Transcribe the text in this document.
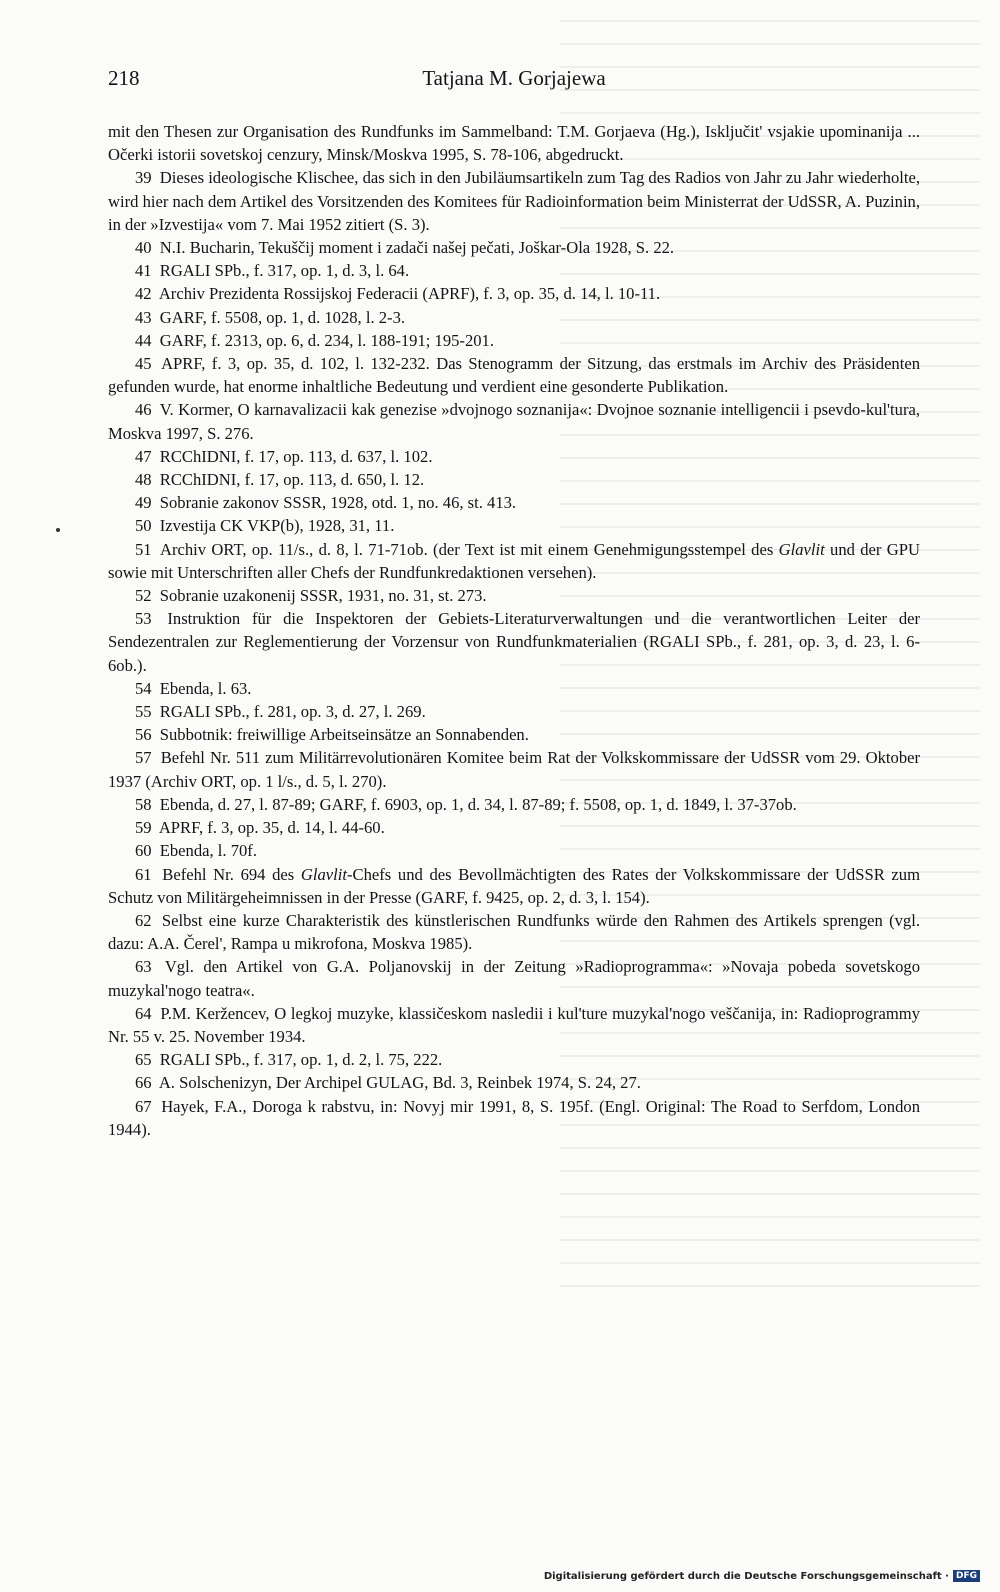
218	Tatjana M. Gorjajewa

mit den Thesen zur Organisation des Rundfunks im Sammelband: T.M. Gorjaeva (Hg.), Isključit' vsjakie upominanija ... Očerki istorii sovetskoj cenzury, Minsk/Moskva 1995, S. 78-106, abgedruckt.

39 Dieses ideologische Klischee, das sich in den Jubiläumsartikeln zum Tag des Radios von Jahr zu Jahr wiederholte, wird hier nach dem Artikel des Vorsitzenden des Komitees für Radioinformation beim Ministerrat der UdSSR, A. Puzinin, in der »Izvestija« vom 7. Mai 1952 zitiert (S. 3).

40 N.I. Bucharin, Tekuščij moment i zadači našej pečati, Joškar-Ola 1928, S. 22.

41 RGALI SPb., f. 317, op. 1, d. 3, l. 64.

42 Archiv Prezidenta Rossijskoj Federacii (APRF), f. 3, op. 35, d. 14, l. 10-11.

43 GARF, f. 5508, op. 1, d. 1028, l. 2-3.

44 GARF, f. 2313, op. 6, d. 234, l. 188-191; 195-201.

45 APRF, f. 3, op. 35, d. 102, l. 132-232. Das Stenogramm der Sitzung, das erstmals im Archiv des Präsidenten gefunden wurde, hat enorme inhaltliche Bedeutung und verdient eine gesonderte Publikation.

46 V. Kormer, O karnavalizacii kak genezise »dvojnogo soznanija«: Dvojnoe soznanie intelligencii i psevdo-kul'tura, Moskva 1997, S. 276.

47 RCChIDNI, f. 17, op. 113, d. 637, l. 102.

48 RCChIDNI, f. 17, op. 113, d. 650, l. 12.

49 Sobranie zakonov SSSR, 1928, otd. 1, no. 46, st. 413.

50 Izvestija CK VKP(b), 1928, 31, 11.

51 Archiv ORT, op. 11/s., d. 8, l. 71-71ob. (der Text ist mit einem Genehmigungsstempel des Glavlit und der GPU sowie mit Unterschriften aller Chefs der Rundfunkredaktionen versehen).

52 Sobranie uzakonenij SSSR, 1931, no. 31, st. 273.

53 Instruktion für die Inspektoren der Gebiets-Literaturverwaltungen und die verantwortlichen Leiter der Sendezentralen zur Reglementierung der Vorzensur von Rundfunkmaterialien (RGALI SPb., f. 281, op. 3, d. 23, l. 6-6ob.).

54 Ebenda, l. 63.

55 RGALI SPb., f. 281, op. 3, d. 27, l. 269.

56 Subbotnik: freiwillige Arbeitseinsätze an Sonnabenden.

57 Befehl Nr. 511 zum Militärrevolutionären Komitee beim Rat der Volkskommissare der UdSSR vom 29. Oktober 1937 (Archiv ORT, op. 1 l/s., d. 5, l. 270).

58 Ebenda, d. 27, l. 87-89; GARF, f. 6903, op. 1, d. 34, l. 87-89; f. 5508, op. 1, d. 1849, l. 37-37ob.

59 APRF, f. 3, op. 35, d. 14, l. 44-60.

60 Ebenda, l. 70f.

61 Befehl Nr. 694 des Glavlit-Chefs und des Bevollmächtigten des Rates der Volkskommissare der UdSSR zum Schutz von Militärgeheimnissen in der Presse (GARF, f. 9425, op. 2, d. 3, l. 154).

62 Selbst eine kurze Charakteristik des künstlerischen Rundfunks würde den Rahmen des Artikels sprengen (vgl. dazu: A.A. Čerel', Rampa u mikrofona, Moskva 1985).

63 Vgl. den Artikel von G.A. Poljanovskij in der Zeitung »Radioprogramma«: »Novaja pobeda sovetskogo muzykal'nogo teatra«.

64 P.M. Keržencev, O legkoj muzyke, klassičeskom nasledii i kul'ture muzykal'nogo veščanija, in: Radioprogrammy Nr. 55 v. 25. November 1934.

65 RGALI SPb., f. 317, op. 1, d. 2, l. 75, 222.

66 A. Solschenizyn, Der Archipel GULAG, Bd. 3, Reinbek 1974, S. 24, 27.

67 Hayek, F.A., Doroga k rabstvu, in: Novyj mir 1991, 8, S. 195f. (Engl. Original: The Road to Serfdom, London 1944).

Digitalisierung gefördert durch die Deutsche Forschungsgemeinschaft · DFG
